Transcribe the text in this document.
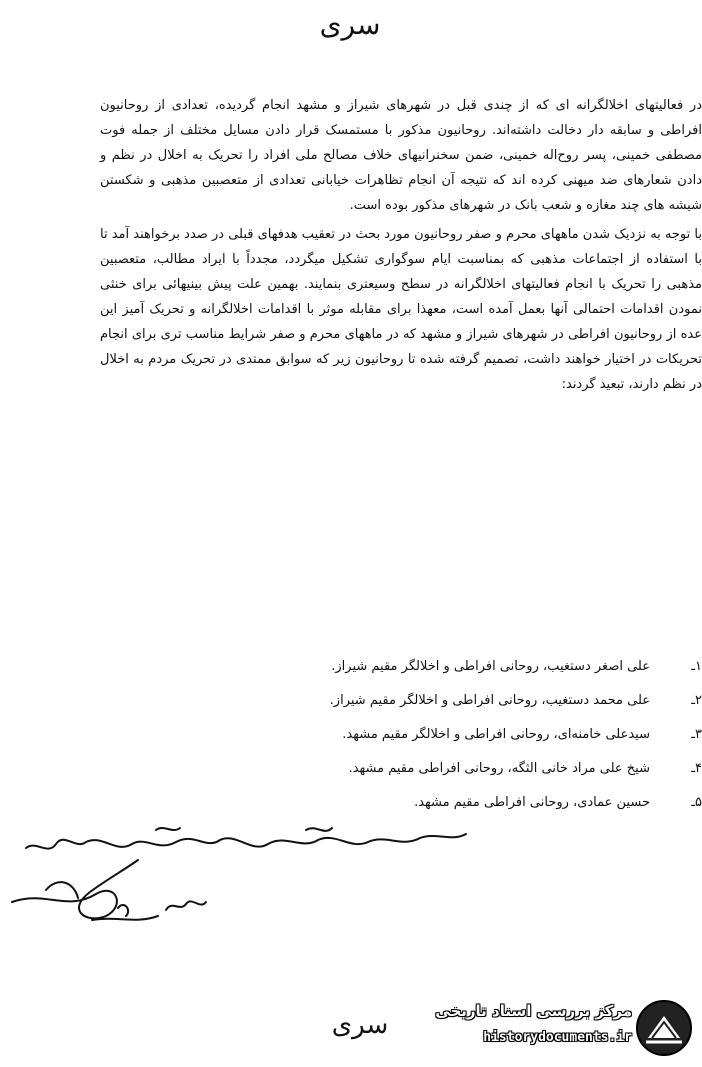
سری

در فعالیتهای اخلالگرانه ای که از چندی قبل در شهرهای شیراز و مشهد انجام گردیده، تعدادی از روحانیون افراطی و سابقه دار دخالت داشته‌اند. روحانیون مذکور با مستمسک قرار دادن مسایل مختلف از جمله فوت مصطفی خمینی، پسر روح‌اله خمینی، ضمن سخنرانیهای خلاف مصالح ملی افراد را تحریک به اخلال در نظم و دادن شعارهای ضد میهنی کرده اند که نتیجه آن انجام تظاهرات خیابانی تعدادی از متعصبین مذهبی و شکستن شیشه های چند مغازه و شعب بانک در شهرهای مذکور بوده است.

با توجه به نزدیک شدن ماههای محرم و صفر روحانیون مورد بحث در تعقیب هدفهای قبلی در صدد برخواهند آمد تا با استفاده از اجتماعات مذهبی که بمناسبت ایام سوگواری تشکیل میگردد، مجدداً با ایراد مطالب، متعصبین مذهبی را تحریک با انجام فعالیتهای اخلالگرانه در سطح وسیعتری بنمایند. بهمین علت پیش بینیهائی برای خنثی نمودن اقدامات احتمالی آنها بعمل آمده است، معهذا برای مقابله موثر با اقدامات اخلالگرانه و تحریک آمیز این عده از روحانیون افراطی در شهرهای شیراز و مشهد که در ماههای محرم و صفر شرایط مناسب تری برای انجام تحریکات در اختیار خواهند داشت، تصمیم گرفته شده تا روحانیون زیر که سوابق ممتدی در تحریک مردم به اخلال در نظم دارند، تبعید گردند:

۱ـ
علی اصغر دستغیب، روحانی افراطی و اخلالگر مقیم شیراز.
۲ـ
علی محمد دستغیب، روحانی افراطی و اخلالگر مقیم شیراز.
۳ـ
سیدعلی خامنه‌ای، روحانی افراطی و اخلالگر مقیم مشهد.
۴ـ
شیخ علی مراد خانی الثگه، روحانی افراطی مقیم مشهد.
۵ـ
حسین عمادی، روحانی افراطی مقیم مشهد.
سری	مرکز بررسی اسناد تاریخی
historydocuments.ir
